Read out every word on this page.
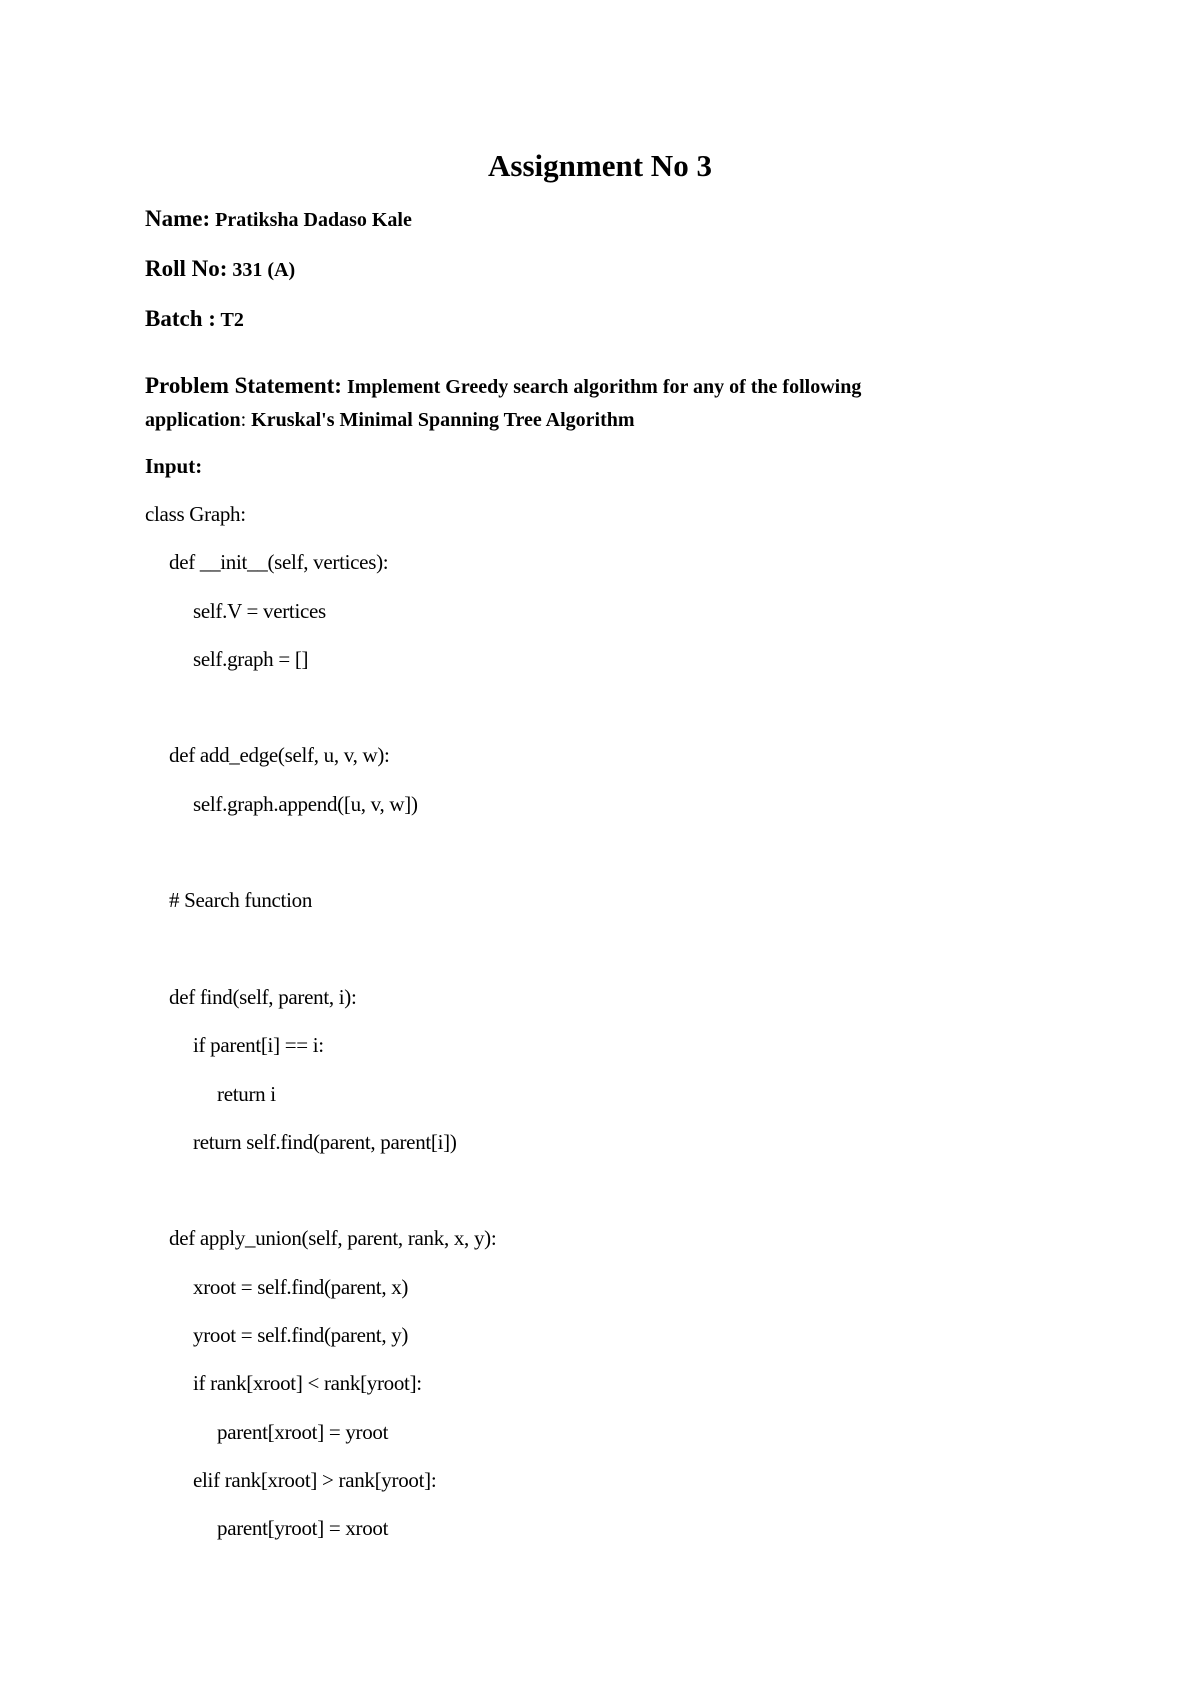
Assignment No 3

Name: Pratiksha Dadaso Kale

Roll No: 331 (A)

Batch : T2

Problem Statement: Implement Greedy search algorithm for any of the following
application: Kruskal's Minimal Spanning Tree Algorithm

Input:

class Graph:
def __init__(self, vertices):
self.V = vertices
self.graph = []
def add_edge(self, u, v, w):
self.graph.append([u, v, w])
# Search function
def find(self, parent, i):
if parent[i] == i:
return i
return self.find(parent, parent[i])
def apply_union(self, parent, rank, x, y):
xroot = self.find(parent, x)
yroot = self.find(parent, y)
if rank[xroot] < rank[yroot]:
parent[xroot] = yroot
elif rank[xroot] > rank[yroot]:
parent[yroot] = xroot
